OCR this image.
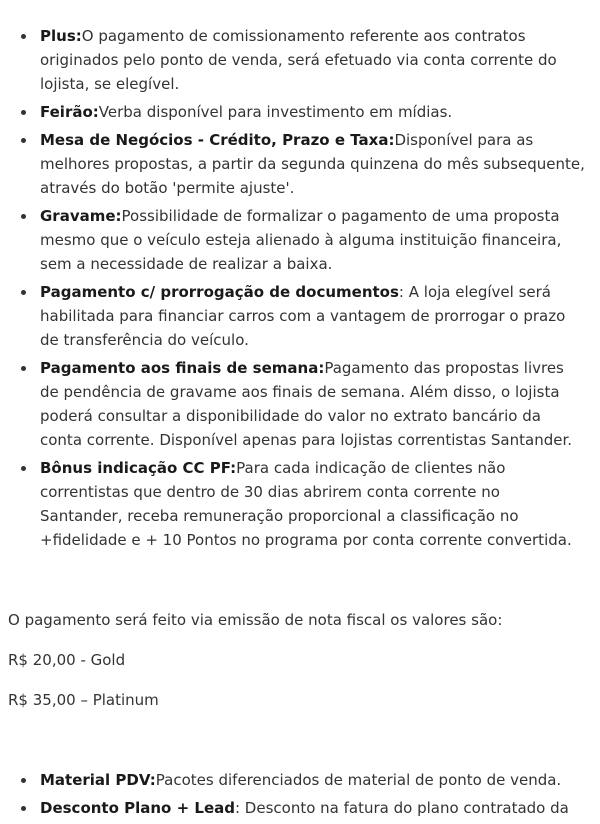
Plus:O pagamento de comissionamento referente aos contratos originados pelo ponto de venda, será efetuado via conta corrente do lojista, se elegível.
Feirão:Verba disponível para investimento em mídias.
Mesa de Negócios - Crédito, Prazo e Taxa:Disponível para as melhores propostas, a partir da segunda quinzena do mês subsequente, através do botão 'permite ajuste'.
Gravame:Possibilidade de formalizar o pagamento de uma proposta mesmo que o veículo esteja alienado à alguma instituição financeira, sem a necessidade de realizar a baixa.
Pagamento c/ prorrogação de documentos: A loja elegível será habilitada para financiar carros com a vantagem de prorrogar o prazo de transferência do veículo.
Pagamento aos finais de semana:Pagamento das propostas livres de pendência de gravame aos finais de semana. Além disso, o lojista poderá consultar a disponibilidade do valor no extrato bancário da conta corrente. Disponível apenas para lojistas correntistas Santander.
Bônus indicação CC PF:Para cada indicação de clientes não correntistas que dentro de 30 dias abrirem conta corrente no Santander, receba remuneração proporcional a classificação no +fidelidade e + 10 Pontos no programa por conta corrente convertida.

O pagamento será feito via emissão de nota fiscal os valores são:

R$ 20,00 - Gold

R$ 35,00 – Platinum

Material PDV:Pacotes diferenciados de material de ponto de venda.
Desconto Plano + Lead: Desconto na fatura do plano contratado da
